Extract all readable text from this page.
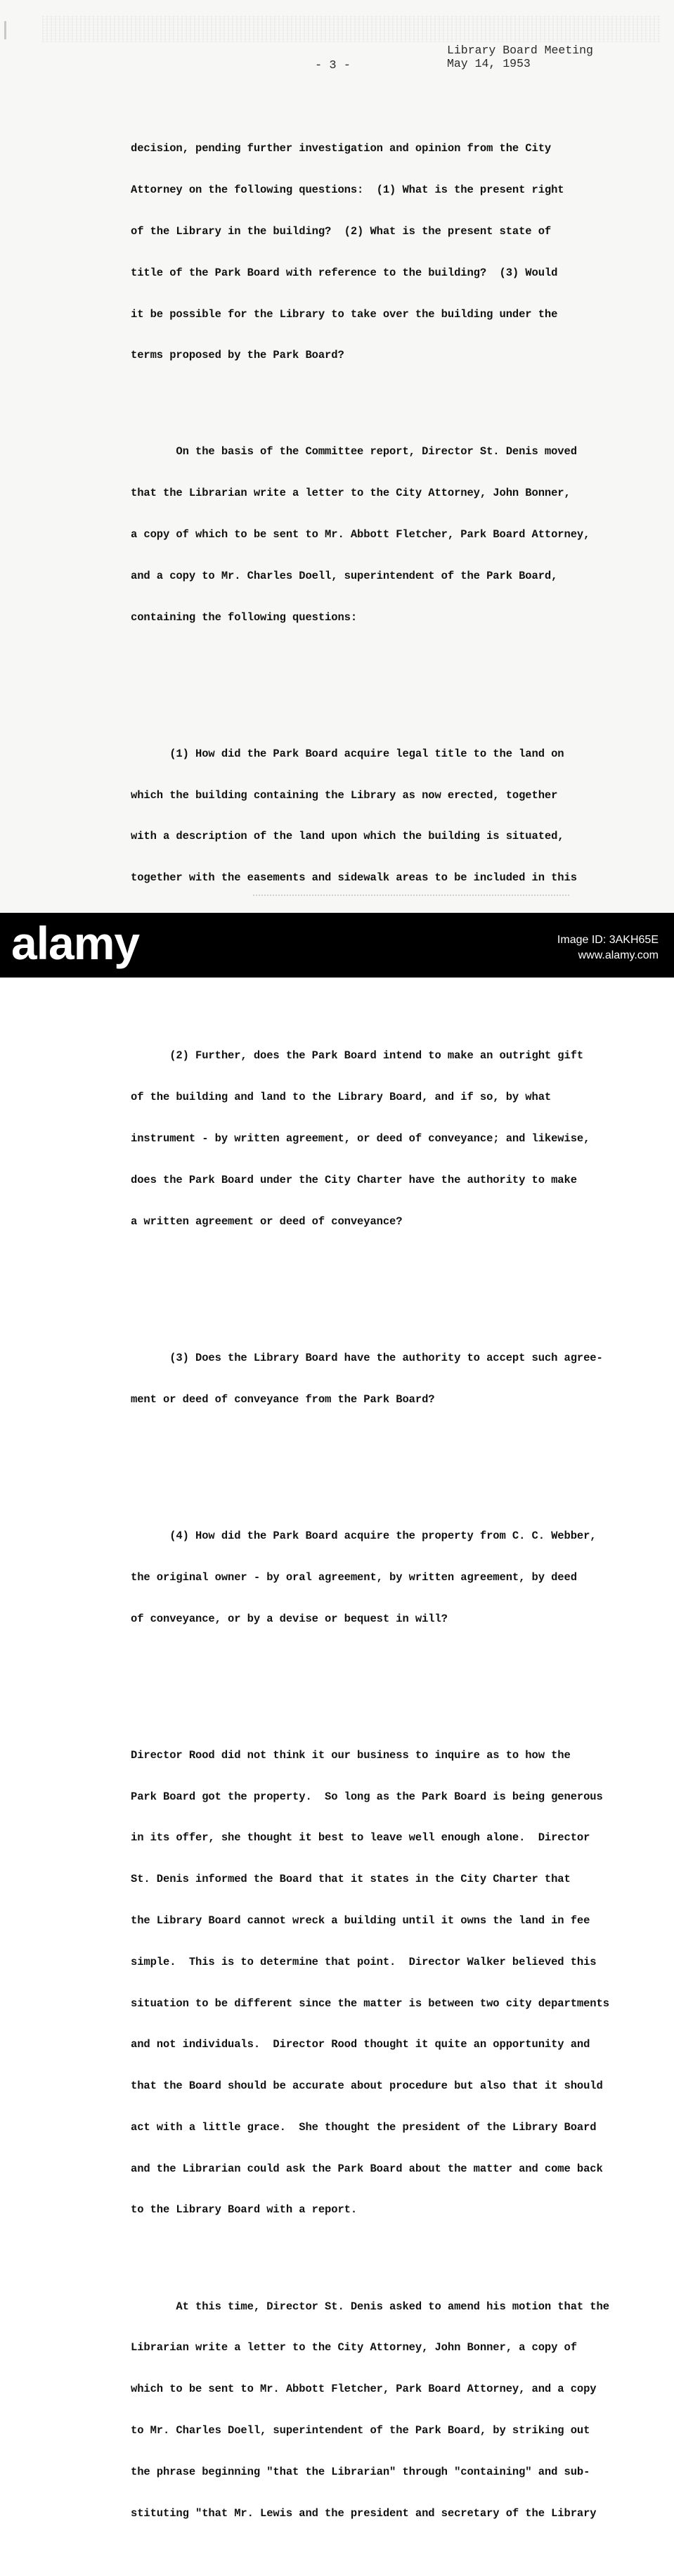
Library Board Meeting
May 14, 1953
- 3 -

decision, pending further investigation and opinion from the City

Attorney on the following questions:  (1) What is the present right

of the Library in the building?  (2) What is the present state of

title of the Park Board with reference to the building?  (3) Would

it be possible for the Library to take over the building under the

terms proposed by the Park Board?

On the basis of the Committee report, Director St. Denis moved

that the Librarian write a letter to the City Attorney, John Bonner,

a copy of which to be sent to Mr. Abbott Fletcher, Park Board Attorney,

and a copy to Mr. Charles Doell, superintendent of the Park Board,

containing the following questions:

(1) How did the Park Board acquire legal title to the land on

which the building containing the Library as now erected, together

with a description of the land upon which the building is situated,

together with the easements and sidewalk areas to be included in this

(2) Further, does the Park Board intend to make an outright gift

of the building and land to the Library Board, and if so, by what

instrument - by written agreement, or deed of conveyance; and likewise,

does the Park Board under the City Charter have the authority to make

a written agreement or deed of conveyance?

(3) Does the Library Board have the authority to accept such agree-

ment or deed of conveyance from the Park Board?

(4) How did the Park Board acquire the property from C. C. Webber,

the original owner - by oral agreement, by written agreement, by deed

of conveyance, or by a devise or bequest in will?

Director Rood did not think it our business to inquire as to how the

Park Board got the property.  So long as the Park Board is being generous

in its offer, she thought it best to leave well enough alone.  Director

St. Denis informed the Board that it states in the City Charter that

the Library Board cannot wreck a building until it owns the land in fee

simple.  This is to determine that point.  Director Walker believed this

situation to be different since the matter is between two city departments

and not individuals.  Director Rood thought it quite an opportunity and

that the Board should be accurate about procedure but also that it should

act with a little grace.  She thought the president of the Library Board

and the Librarian could ask the Park Board about the matter and come back

to the Library Board with a report.

At this time, Director St. Denis asked to amend his motion that the

Librarian write a letter to the City Attorney, John Bonner, a copy of

which to be sent to Mr. Abbott Fletcher, Park Board Attorney, and a copy

to Mr. Charles Doell, superintendent of the Park Board, by striking out

the phrase beginning "that the Librarian" through "containing" and sub-

stituting "that Mr. Lewis and the president and secretary of the Library

alamy	Image ID: 3AKH65E
www.alamy.com
